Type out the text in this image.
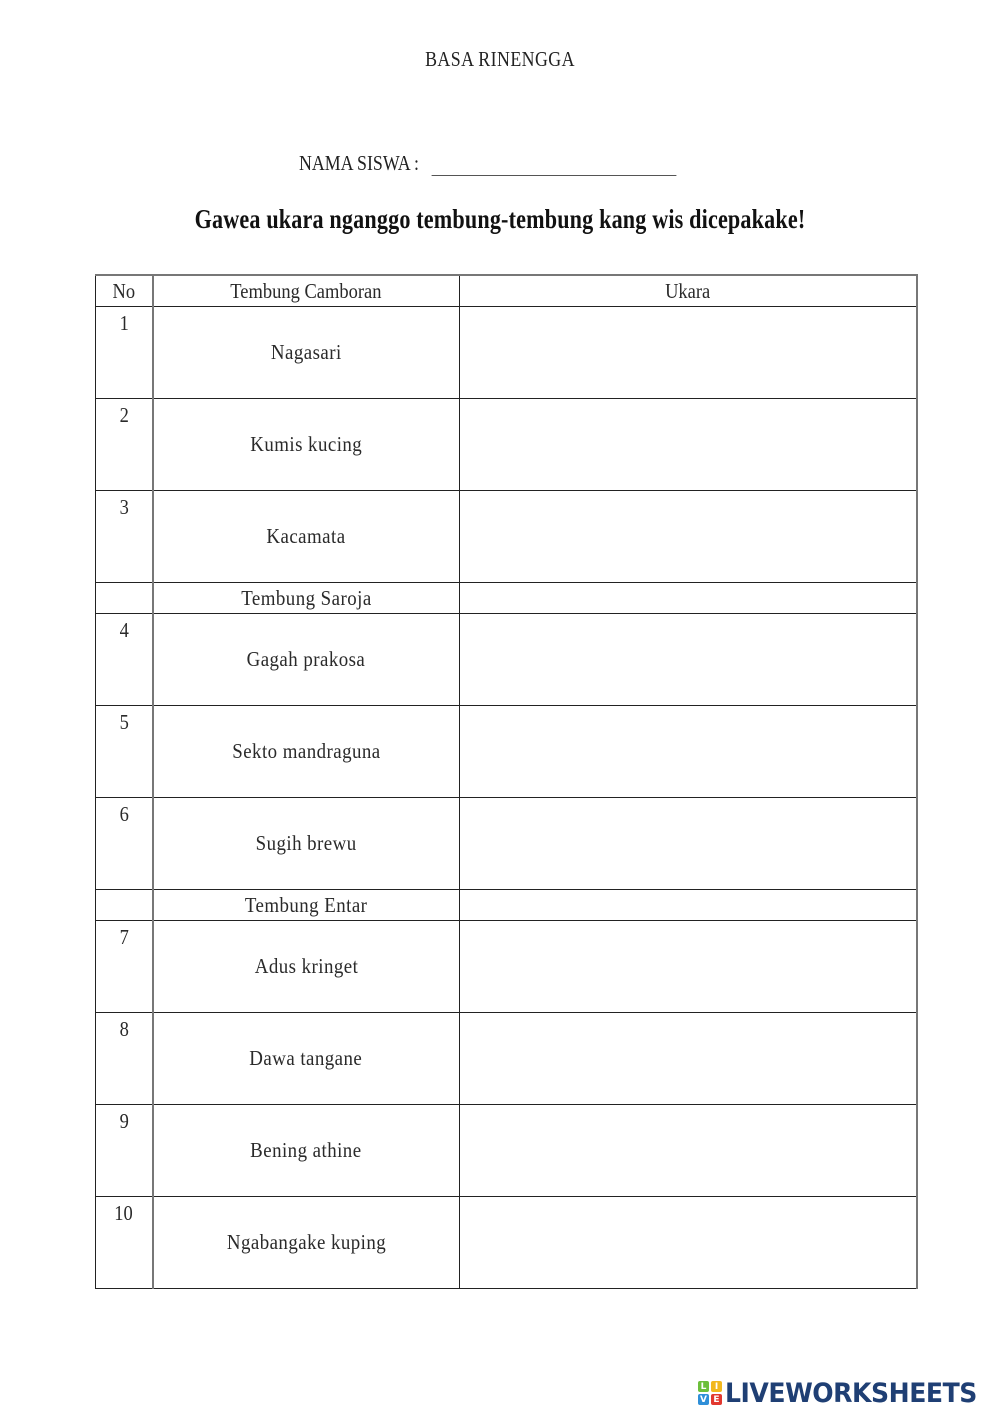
BASA RINENGGA
NAMA SISWA :
Gawea ukara nganggo tembung-tembung kang wis dicepakake!
No	Tembung Camboran	Ukara
1	Nagasari	
2	Kumis kucing	
3	Kacamata	
	Tembung Saroja	
4	Gagah prakosa	
5	Sekto mandraguna	
6	Sugih brewu	
	Tembung Entar	
7	Adus kringet	
8	Dawa tangane	
9	Bening athine	
10	Ngabangake kuping	
L I
V E LIVEWORKSHEETS
